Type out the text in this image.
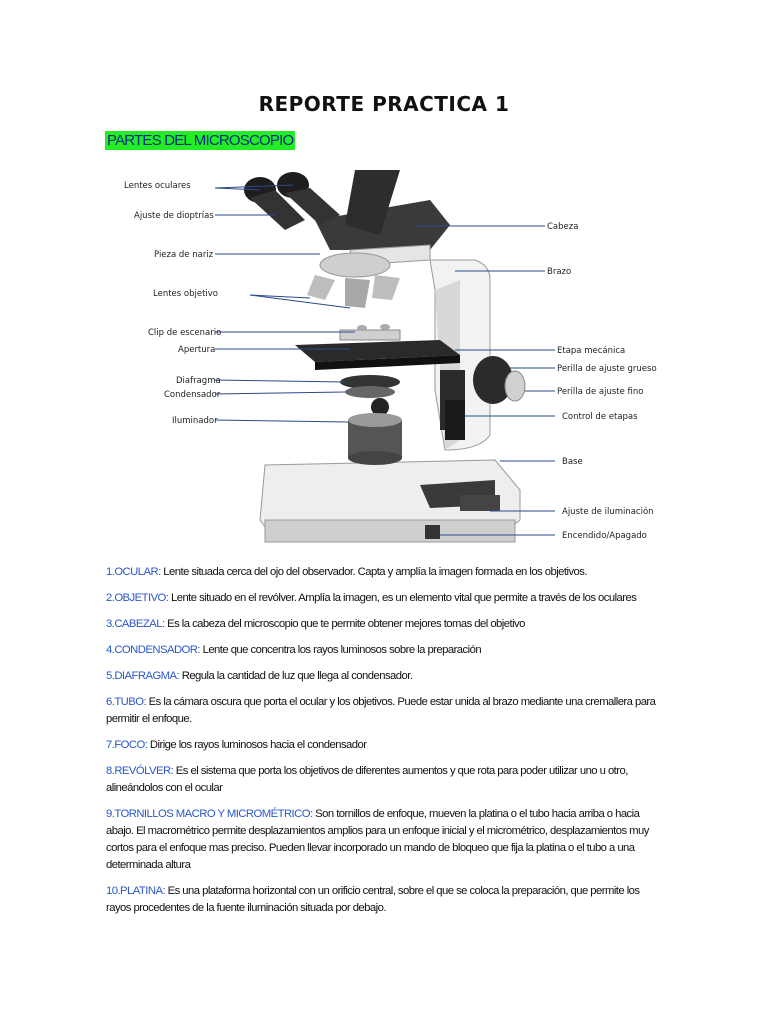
REPORTE PRACTICA 1
PARTES DEL MICROSCOPIO
Lentes oculares
Ajuste de dioptrías
Pieza de nariz
Lentes objetivo
Clip de escenario
Apertura
Diafragma
Condensador
Iluminador
Cabeza
Brazo
Etapa mecánica
Perilla de ajuste grueso
Perilla de ajuste fino
Control de etapas
Base
Ajuste de iluminación
Encendido/Apagado
1.OCULAR: Lente situada cerca del ojo del observador. Capta y amplía la imagen formada en los objetivos.
2.OBJETIVO: Lente situado en el revólver. Amplía la imagen, es un elemento vital que permite a través de los oculares
3.CABEZAL: Es la cabeza del microscopio que te permite obtener mejores tomas del objetivo
4.CONDENSADOR: Lente que concentra los rayos luminosos sobre la preparación
5.DIAFRAGMA: Regula la cantidad de luz que llega al condensador.
6.TUBO: Es la cámara oscura que porta el ocular y los objetivos. Puede estar unida al brazo mediante una cremallera para permitir el enfoque.
7.FOCO: Dirige los rayos luminosos hacia el condensador
8.REVÓLVER: Es el sistema que porta los objetivos de diferentes aumentos y que rota para poder utilizar uno u otro, alineándolos con el ocular
9.TORNILLOS MACRO Y MICROMÉTRICO: Son tornillos de enfoque, mueven la platina o el tubo hacia arriba o hacia abajo. El macrométrico permite desplazamientos amplios para un enfoque inicial y el micrométrico, desplazamientos muy cortos para el enfoque mas preciso. Pueden llevar incorporado un mando de bloqueo que fija la platina o el tubo a una determinada altura
10.PLATINA: Es una plataforma horizontal con un orificio central, sobre el que se coloca la preparación, que permite los rayos procedentes de la fuente iluminación situada por debajo.
